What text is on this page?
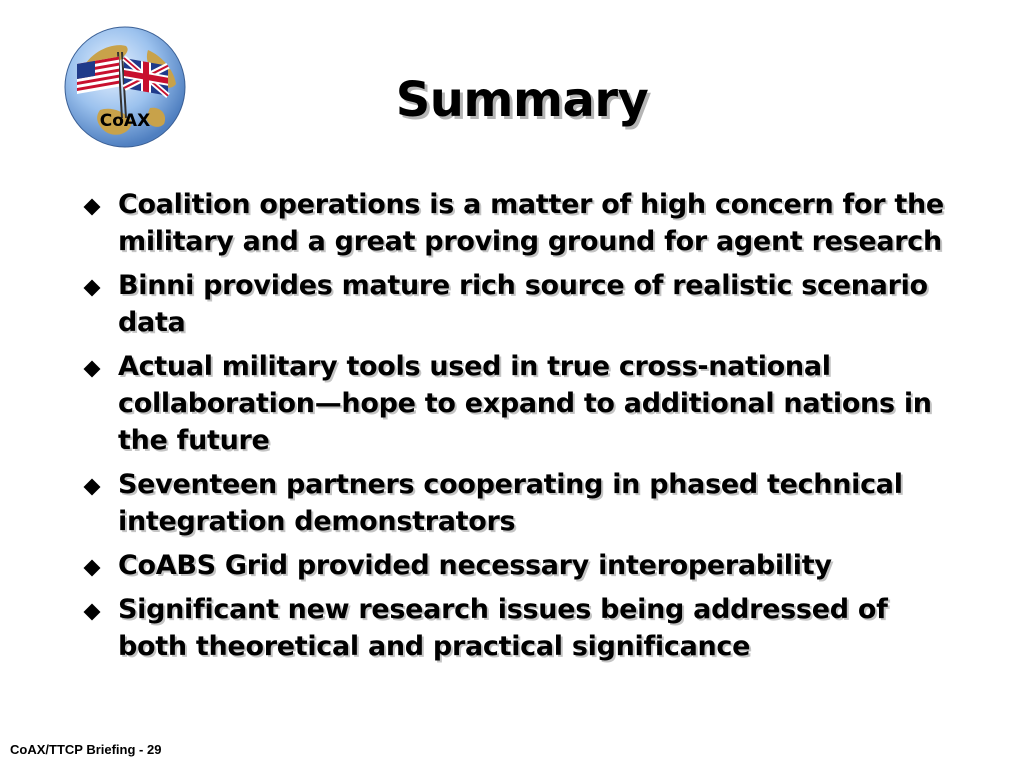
CoAX	Summary
Coalition operations is a matter of high concern for the military and a great proving ground for agent research
Binni provides mature rich source of realistic scenario data
Actual military tools used in true cross-national collaboration—hope to expand to additional nations in the future
Seventeen partners cooperating in phased technical integration demonstrators
CoABS Grid provided necessary interoperability
Significant new research issues being addressed of both theoretical and practical significance
CoAX/TTCP Briefing - 29
